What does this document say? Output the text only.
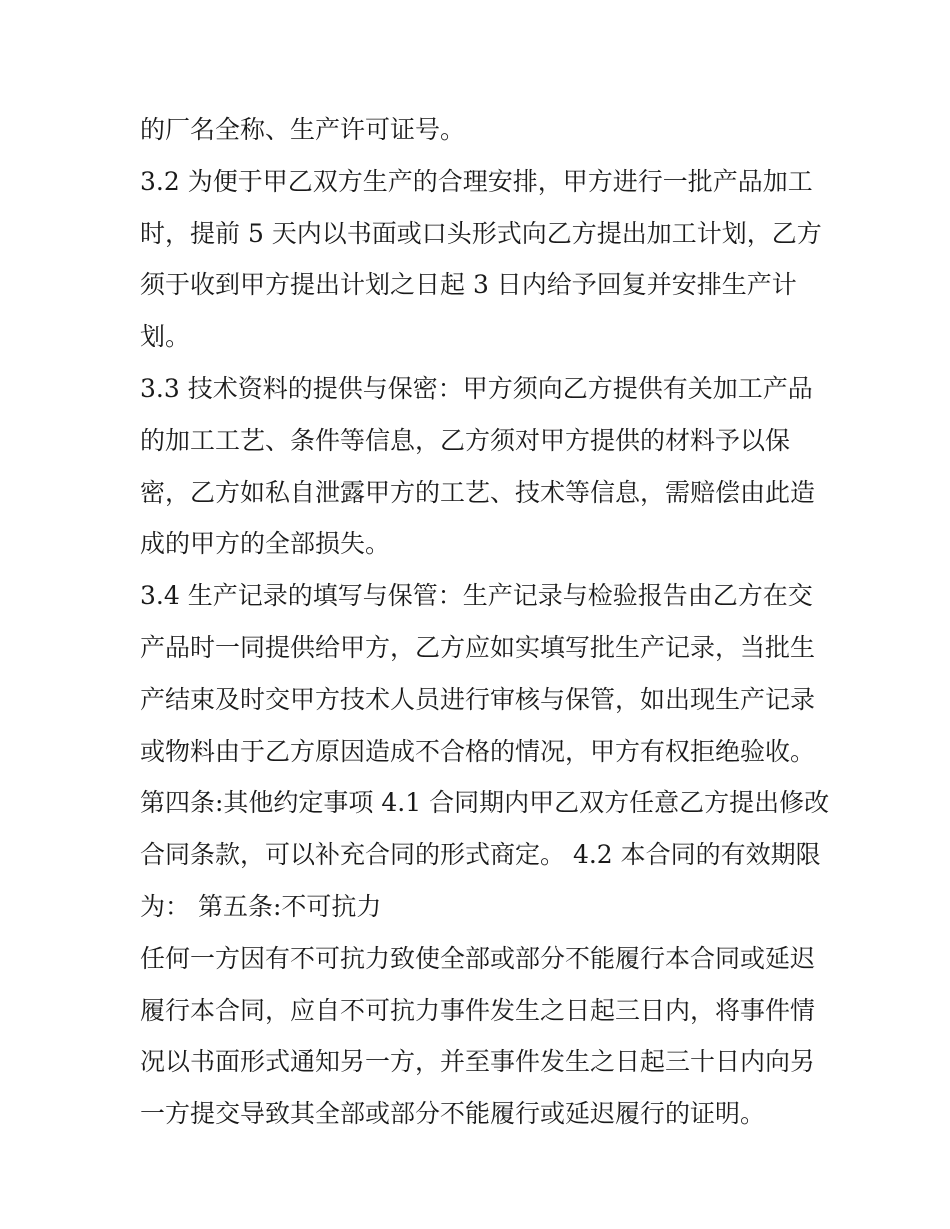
的厂名全称、生产许可证号。
3.2 为便于甲乙双方生产的合理安排，甲方进行一批产品加工
时，提前 5 天内以书面或口头形式向乙方提出加工计划，乙方
须于收到甲方提出计划之日起 3 日内给予回复并安排生产计
划。
3.3 技术资料的提供与保密：甲方须向乙方提供有关加工产品
的加工工艺、条件等信息，乙方须对甲方提供的材料予以保
密，乙方如私自泄露甲方的工艺、技术等信息，需赔偿由此造
成的甲方的全部损失。
3.4 生产记录的填写与保管：生产记录与检验报告由乙方在交
产品时一同提供给甲方，乙方应如实填写批生产记录，当批生
产结束及时交甲方技术人员进行审核与保管，如出现生产记录
或物料由于乙方原因造成不合格的情况，甲方有权拒绝验收。
第四条:其他约定事项 4.1 合同期内甲乙双方任意乙方提出修改
合同条款，可以补充合同的形式商定。 4.2 本合同的有效期限
为： 第五条:不可抗力
任何一方因有不可抗力致使全部或部分不能履行本合同或延迟
履行本合同，应自不可抗力事件发生之日起三日内，将事件情
况以书面形式通知另一方，并至事件发生之日起三十日内向另
一方提交导致其全部或部分不能履行或延迟履行的证明。
